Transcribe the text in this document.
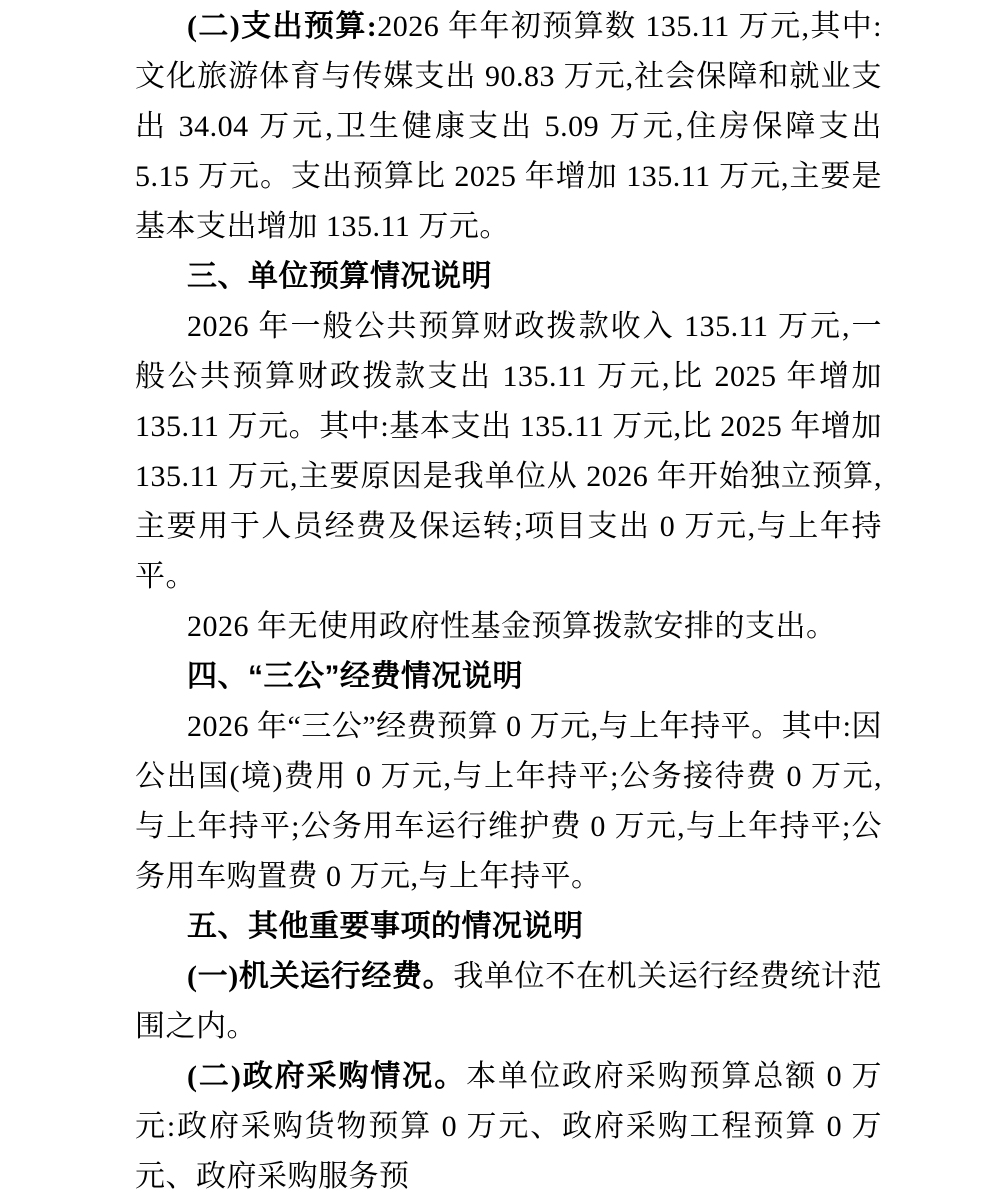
(二)支出预算:2026 年年初预算数 135.11 万元,其中:文化旅游体育与传媒支出 90.83 万元,社会保障和就业支出 34.04 万元,卫生健康支出 5.09 万元,住房保障支出 5.15 万元。支出预算比 2025 年增加 135.11 万元,主要是基本支出增加 135.11 万元。

三、单位预算情况说明

2026 年一般公共预算财政拨款收入 135.11 万元,一般公共预算财政拨款支出 135.11 万元,比 2025 年增加 135.11 万元。其中:基本支出 135.11 万元,比 2025 年增加 135.11 万元,主要原因是我单位从 2026 年开始独立预算,主要用于人员经费及保运转;项目支出 0 万元,与上年持平。

2026 年无使用政府性基金预算拨款安排的支出。

四、“三公”经费情况说明

2026 年“三公”经费预算 0 万元,与上年持平。其中:因公出国(境)费用 0 万元,与上年持平;公务接待费 0 万元,与上年持平;公务用车运行维护费 0 万元,与上年持平;公务用车购置费 0 万元,与上年持平。

五、其他重要事项的情况说明

(一)机关运行经费。我单位不在机关运行经费统计范围之内。

(二)政府采购情况。本单位政府采购预算总额 0 万元:政府采购货物预算 0 万元、政府采购工程预算 0 万元、政府采购服务预
